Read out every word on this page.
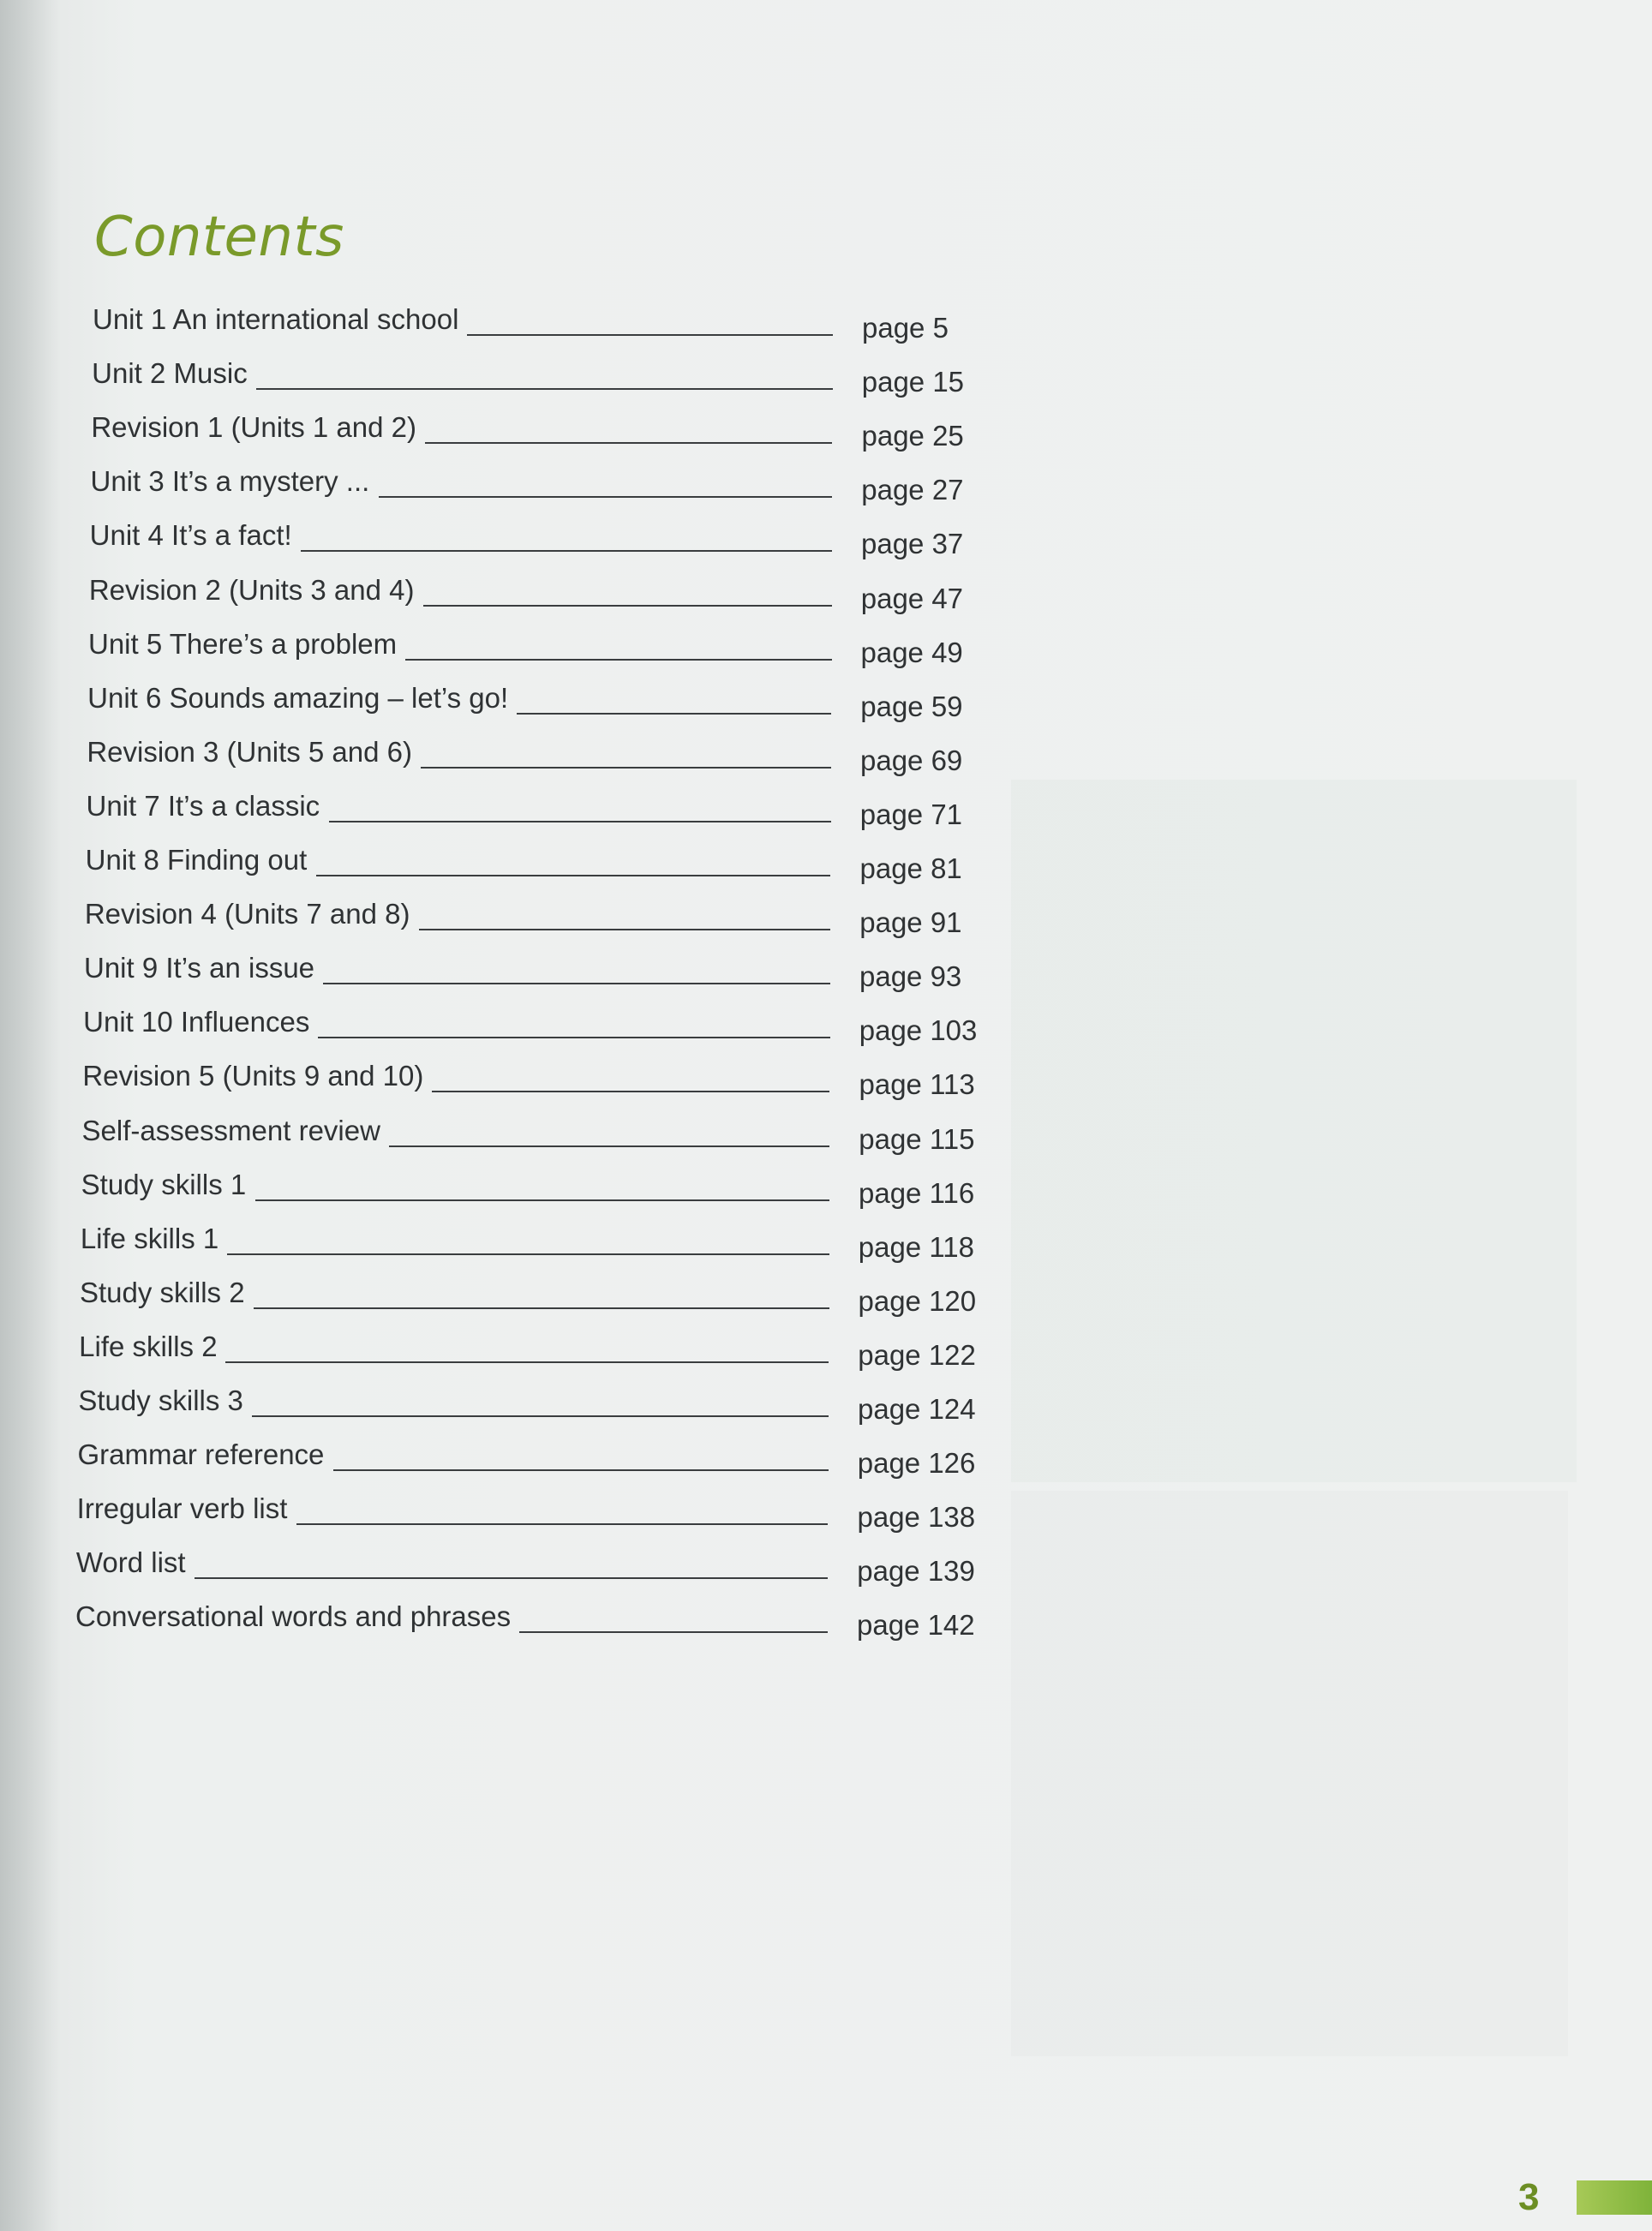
Contents
Unit 1 An international school	page 5
Unit 2 Music	page 15
Revision 1 (Units 1 and 2)	page 25
Unit 3 It’s a mystery ...	page 27
Unit 4 It’s a fact!	page 37
Revision 2 (Units 3 and 4)	page 47
Unit 5 There’s a problem	page 49
Unit 6 Sounds amazing – let’s go!	page 59
Revision 3 (Units 5 and 6)	page 69
Unit 7 It’s a classic	page 71
Unit 8 Finding out	page 81
Revision 4 (Units 7 and 8)	page 91
Unit 9 It’s an issue	page 93
Unit 10 Influences	page 103
Revision 5 (Units 9 and 10)	page 113
Self-assessment review	page 115
Study skills 1	page 116
Life skills 1	page 118
Study skills 2	page 120
Life skills 2	page 122
Study skills 3	page 124
Grammar reference	page 126
Irregular verb list	page 138
Word list	page 139
Conversational words and phrases	page 142
3
